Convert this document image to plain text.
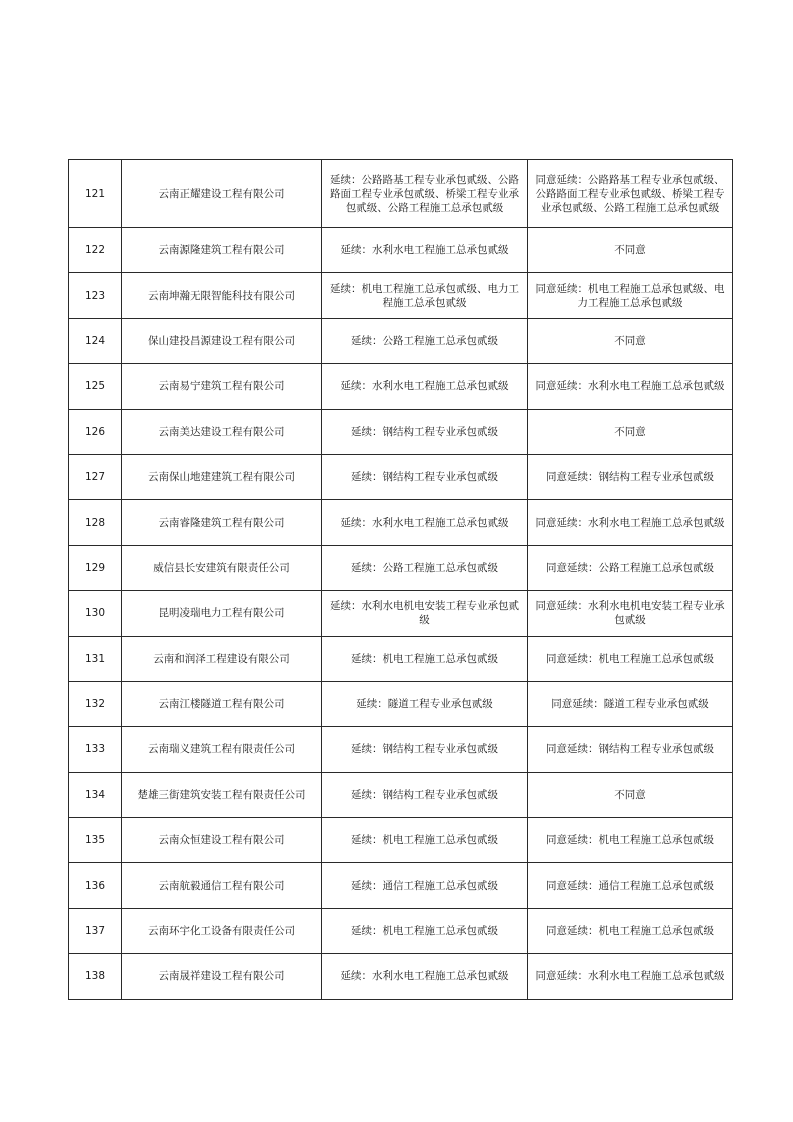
121	云南正耀建设工程有限公司	延续：公路路基工程专业承包贰级、公路路面工程专业承包贰级、桥梁工程专业承包贰级、公路工程施工总承包贰级	同意延续：公路路基工程专业承包贰级、公路路面工程专业承包贰级、桥梁工程专业承包贰级、公路工程施工总承包贰级
122	云南源隆建筑工程有限公司	延续：水利水电工程施工总承包贰级	不同意
123	云南坤瀚无限智能科技有限公司	延续：机电工程施工总承包贰级、电力工程施工总承包贰级	同意延续：机电工程施工总承包贰级、电力工程施工总承包贰级
124	保山建投昌源建设工程有限公司	延续：公路工程施工总承包贰级	不同意
125	云南易宁建筑工程有限公司	延续：水利水电工程施工总承包贰级	同意延续：水利水电工程施工总承包贰级
126	云南美达建设工程有限公司	延续：钢结构工程专业承包贰级	不同意
127	云南保山地建建筑工程有限公司	延续：钢结构工程专业承包贰级	同意延续：钢结构工程专业承包贰级
128	云南睿隆建筑工程有限公司	延续：水利水电工程施工总承包贰级	同意延续：水利水电工程施工总承包贰级
129	威信县长安建筑有限责任公司	延续：公路工程施工总承包贰级	同意延续：公路工程施工总承包贰级
130	昆明凌瑞电力工程有限公司	延续：水利水电机电安装工程专业承包贰级	同意延续：水利水电机电安装工程专业承包贰级
131	云南和润泽工程建设有限公司	延续：机电工程施工总承包贰级	同意延续：机电工程施工总承包贰级
132	云南江楼隧道工程有限公司	延续：隧道工程专业承包贰级	同意延续：隧道工程专业承包贰级
133	云南瑞义建筑工程有限责任公司	延续：钢结构工程专业承包贰级	同意延续：钢结构工程专业承包贰级
134	楚雄三街建筑安装工程有限责任公司	延续：钢结构工程专业承包贰级	不同意
135	云南众恒建设工程有限公司	延续：机电工程施工总承包贰级	同意延续：机电工程施工总承包贰级
136	云南航毅通信工程有限公司	延续：通信工程施工总承包贰级	同意延续：通信工程施工总承包贰级
137	云南环宇化工设备有限责任公司	延续：机电工程施工总承包贰级	同意延续：机电工程施工总承包贰级
138	云南晟祥建设工程有限公司	延续：水利水电工程施工总承包贰级	同意延续：水利水电工程施工总承包贰级
